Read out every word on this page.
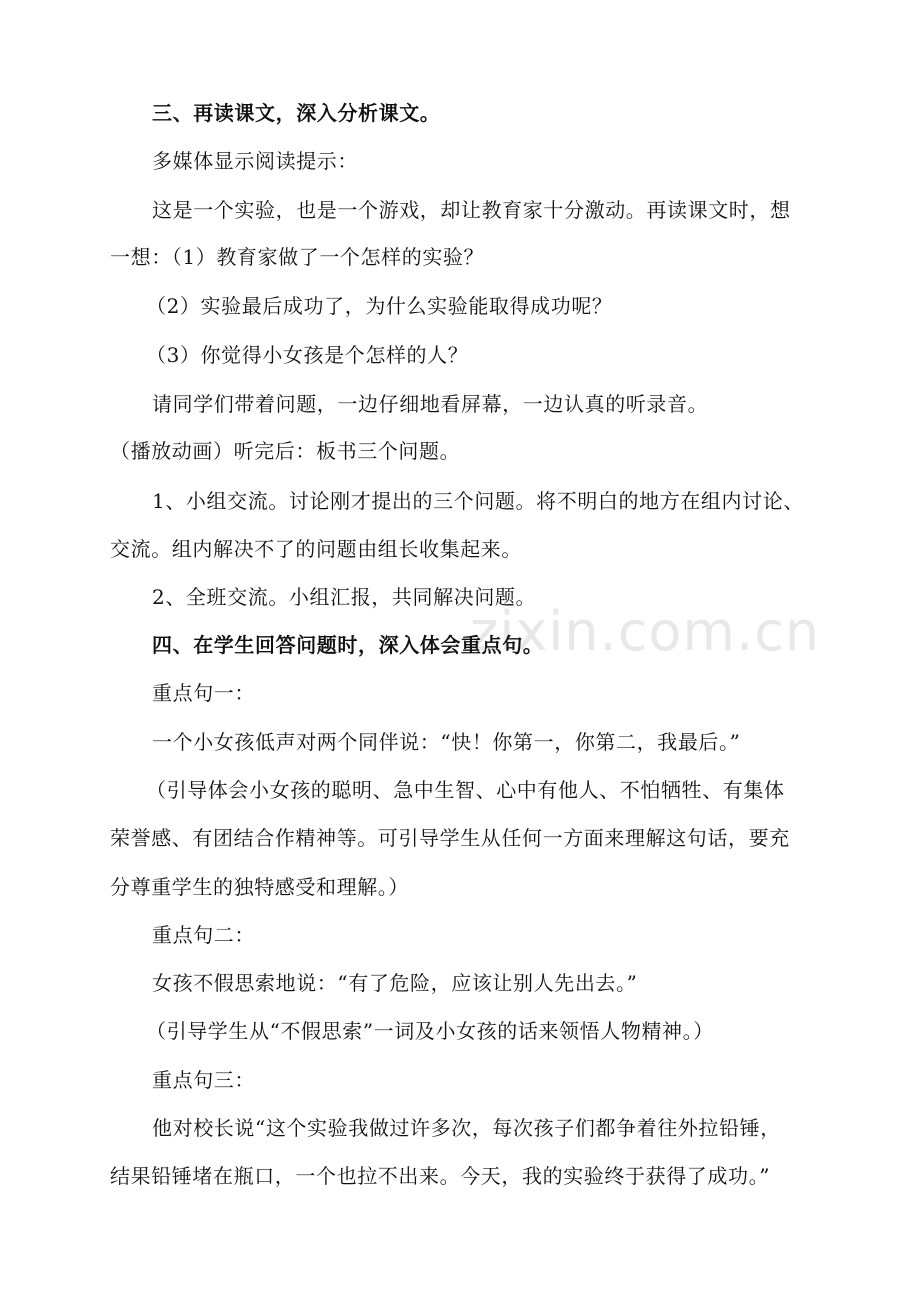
zixin.com.cn
三、再读课文，深入分析课文。
多媒体显示阅读提示：
这是一个实验，也是一个游戏，却让教育家十分激动。再读课文时，想
一想：（1）教育家做了一个怎样的实验？
（2）实验最后成功了，为什么实验能取得成功呢？
（3）你觉得小女孩是个怎样的人？
请同学们带着问题，一边仔细地看屏幕，一边认真的听录音。
（播放动画）听完后：板书三个问题。
1、小组交流。讨论刚才提出的三个问题。将不明白的地方在组内讨论、
交流。组内解决不了的问题由组长收集起来。
2、全班交流。小组汇报，共同解决问题。
四、在学生回答问题时，深入体会重点句。
重点句一：
一个小女孩低声对两个同伴说：“快！你第一，你第二，我最后。”
（引导体会小女孩的聪明、急中生智、心中有他人、不怕牺牲、有集体
荣誉感、有团结合作精神等。可引导学生从任何一方面来理解这句话，要充
分尊重学生的独特感受和理解。）
重点句二：
女孩不假思索地说：“有了危险，应该让别人先出去。”
（引导学生从“不假思索”一词及小女孩的话来领悟人物精神。）
重点句三：
他对校长说“这个实验我做过许多次，每次孩子们都争着往外拉铅锤，
结果铅锤堵在瓶口，一个也拉不出来。今天，我的实验终于获得了成功。”
